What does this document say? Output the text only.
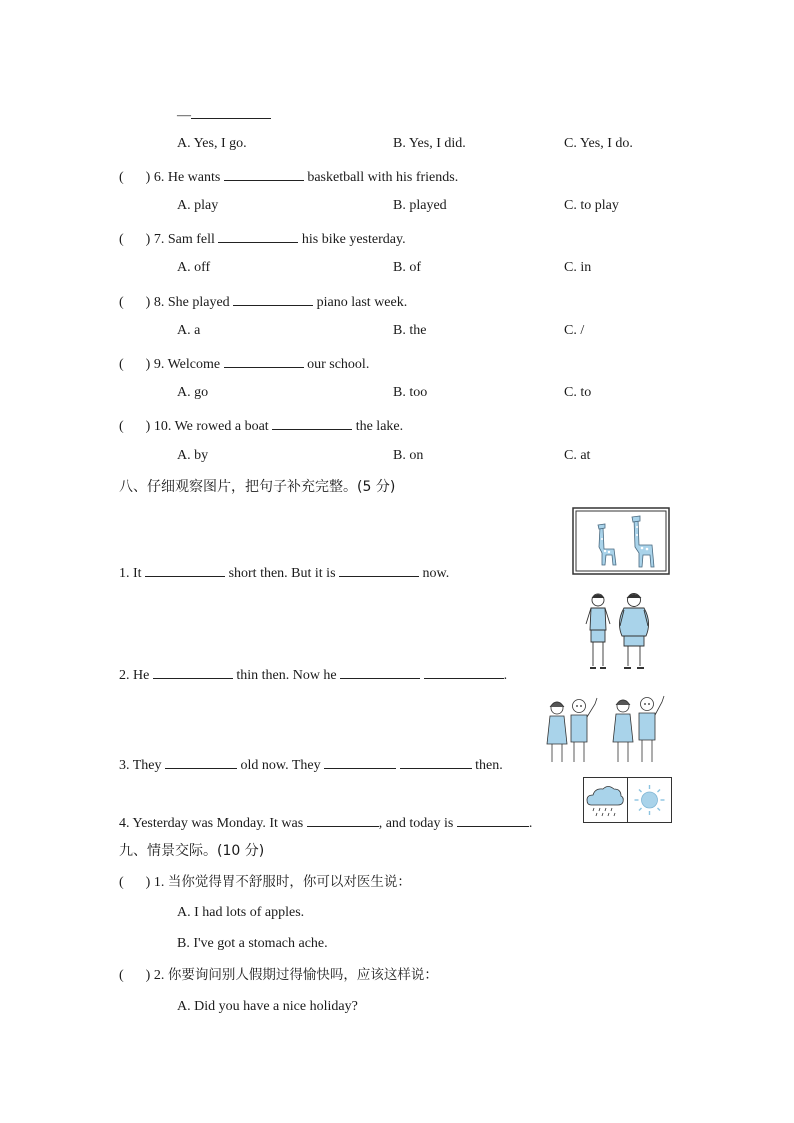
—
A. Yes, I go.	B. Yes, I did.	C. Yes, I do.
( ) 6. He wants	basketball with his friends.
A. play	B. played	C. to play
( ) 7. Sam fell	his bike yesterday.
A. off	B. of	C. in
( ) 8. She played	piano last week.
A. a	B. the	C. /
( ) 9. Welcome	our school.
A. go	B. too	C. to
( ) 10. We rowed a boat	the lake.
A. by	B. on	C. at
八、仔细观察图片，把句子补充完整。(5 分)
1. It	short then. But it is	now.
2. He	thin then. Now he	.
3. They	old now. They	then.
4. Yesterday was Monday. It was	, and today is	.
九、情景交际。(10 分)
( ) 1. 当你觉得胃不舒服时，你可以对医生说：
A. I had lots of apples.
B. I've got a stomach ache.
( ) 2. 你要询问别人假期过得愉快吗，应该这样说：
A. Did you have a nice holiday?
